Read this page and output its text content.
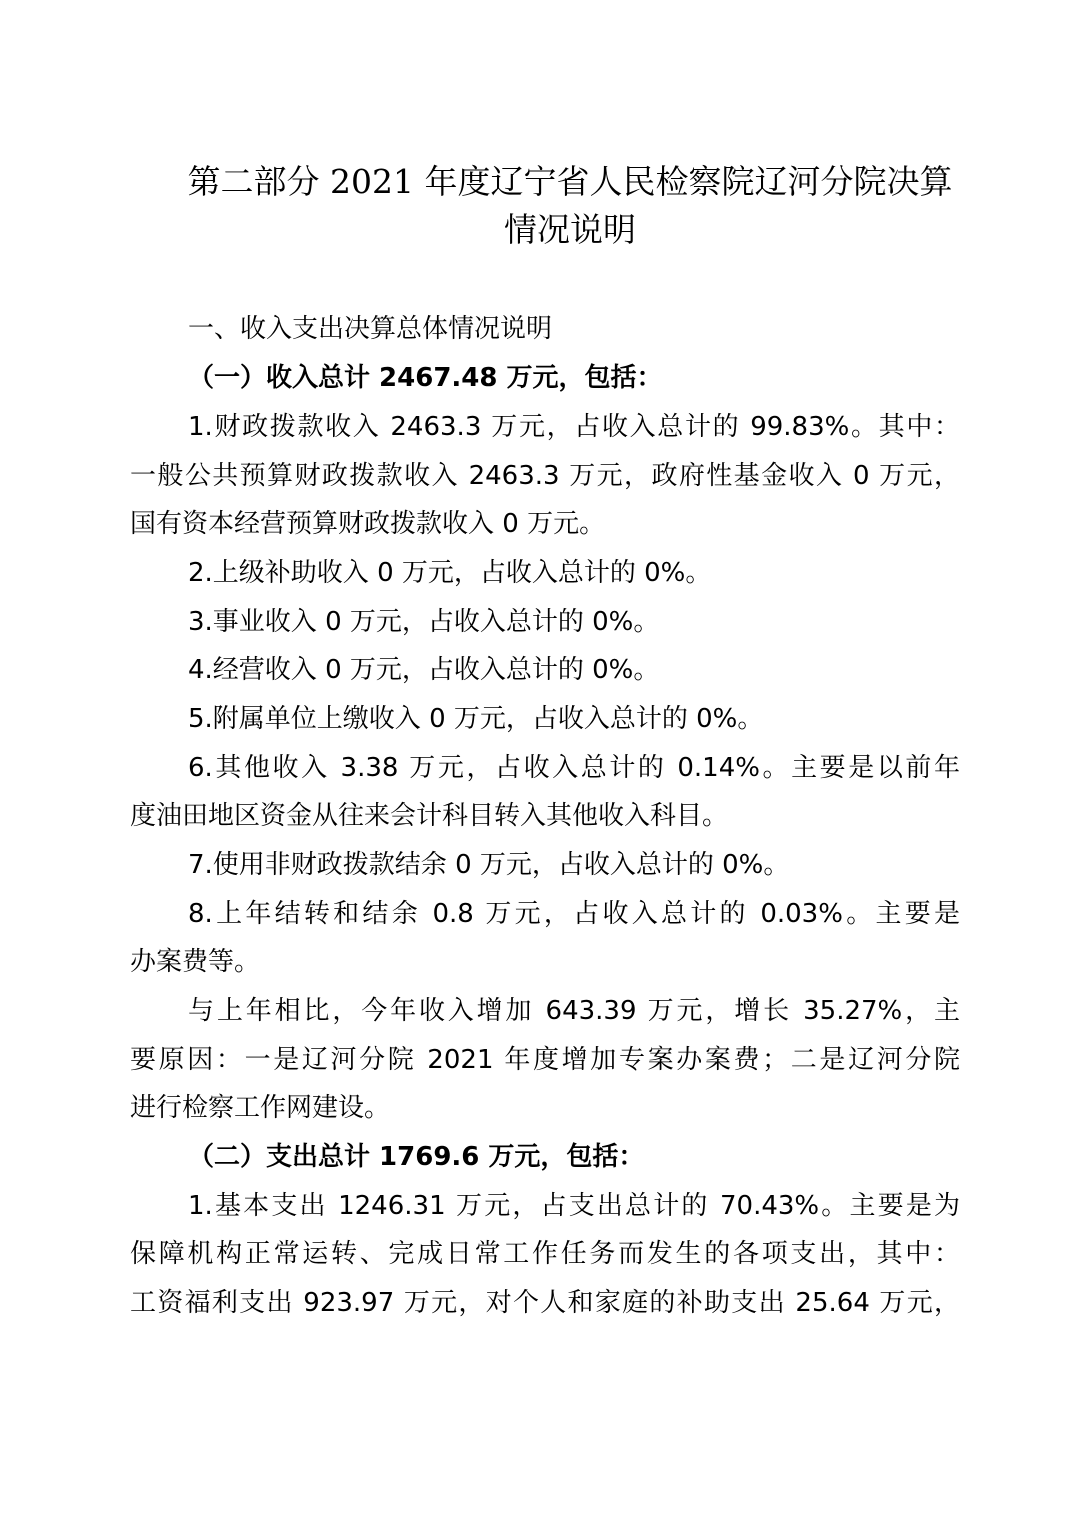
第二部分 2021 年度辽宁省人民检察院辽河分院决算
情况说明
一、收入支出决算总体情况说明
（一）收入总计 2467.48 万元，包括：
1.财政拨款收入 2463.3 万元，占收入总计的 99.83%。其中：
一般公共预算财政拨款收入 2463.3 万元，政府性基金收入 0 万元，
国有资本经营预算财政拨款收入 0 万元。
2.上级补助收入 0 万元，占收入总计的 0%。
3.事业收入 0 万元，占收入总计的 0%。
4.经营收入 0 万元，占收入总计的 0%。
5.附属单位上缴收入 0 万元，占收入总计的 0%。
6.其他收入 3.38 万元，占收入总计的 0.14%。主要是以前年
度油田地区资金从往来会计科目转入其他收入科目。
7.使用非财政拨款结余 0 万元，占收入总计的 0%。
8.上年结转和结余 0.8 万元，占收入总计的 0.03%。主要是
办案费等。
与上年相比，今年收入增加 643.39 万元，增长 35.27%，主
要原因：一是辽河分院 2021 年度增加专案办案费；二是辽河分院
进行检察工作网建设。
（二）支出总计 1769.6 万元，包括：
1.基本支出 1246.31 万元，占支出总计的 70.43%。主要是为
保障机构正常运转、完成日常工作任务而发生的各项支出，其中：
工资福利支出 923.97 万元，对个人和家庭的补助支出 25.64 万元，
